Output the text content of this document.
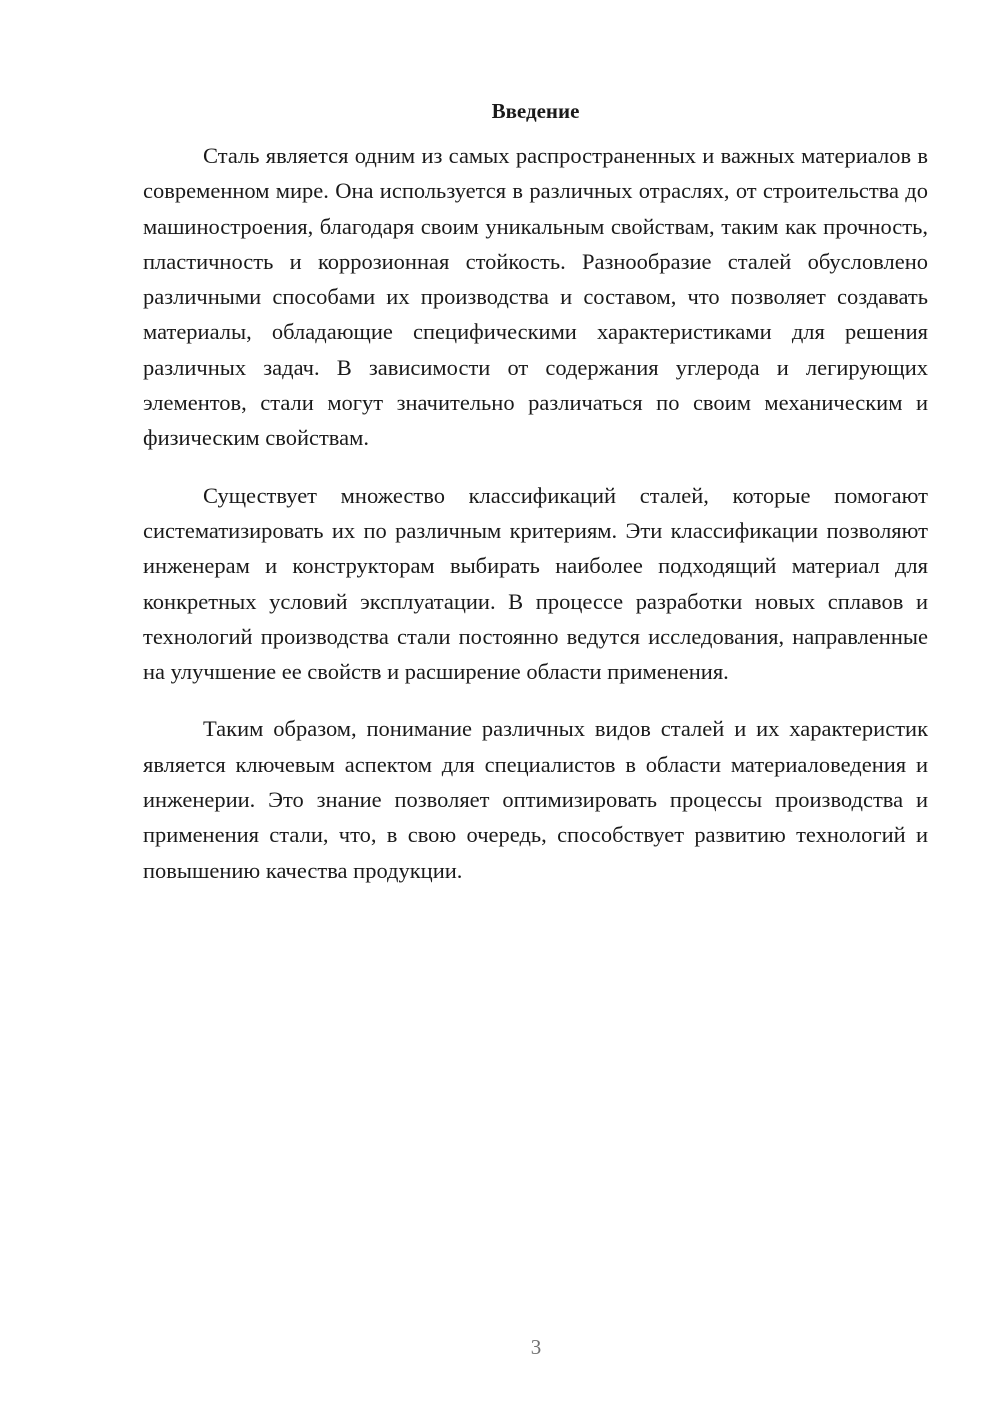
Введение

Сталь является одним из самых распространенных и важных материалов в современном мире. Она используется в различных отраслях, от строительства до машиностроения, благодаря своим уникальным свойствам, таким как прочность, пластичность и коррозионная стойкость. Разнообразие сталей обусловлено различными способами их производства и составом, что позволяет создавать материалы, обладающие специфическими характеристиками для решения различных задач. В зависимости от содержания углерода и легирующих элементов, стали могут значительно различаться по своим механическим и физическим свойствам.

Существует множество классификаций сталей, которые помогают систематизировать их по различным критериям. Эти классификации позволяют инженерам и конструкторам выбирать наиболее подходящий материал для конкретных условий эксплуатации. В процессе разработки новых сплавов и технологий производства стали постоянно ведутся исследования, направленные на улучшение ее свойств и расширение области применения.

Таким образом, понимание различных видов сталей и их характеристик является ключевым аспектом для специалистов в области материаловедения и инженерии. Это знание позволяет оптимизировать процессы производства и применения стали, что, в свою очередь, способствует развитию технологий и повышению качества продукции.

3
